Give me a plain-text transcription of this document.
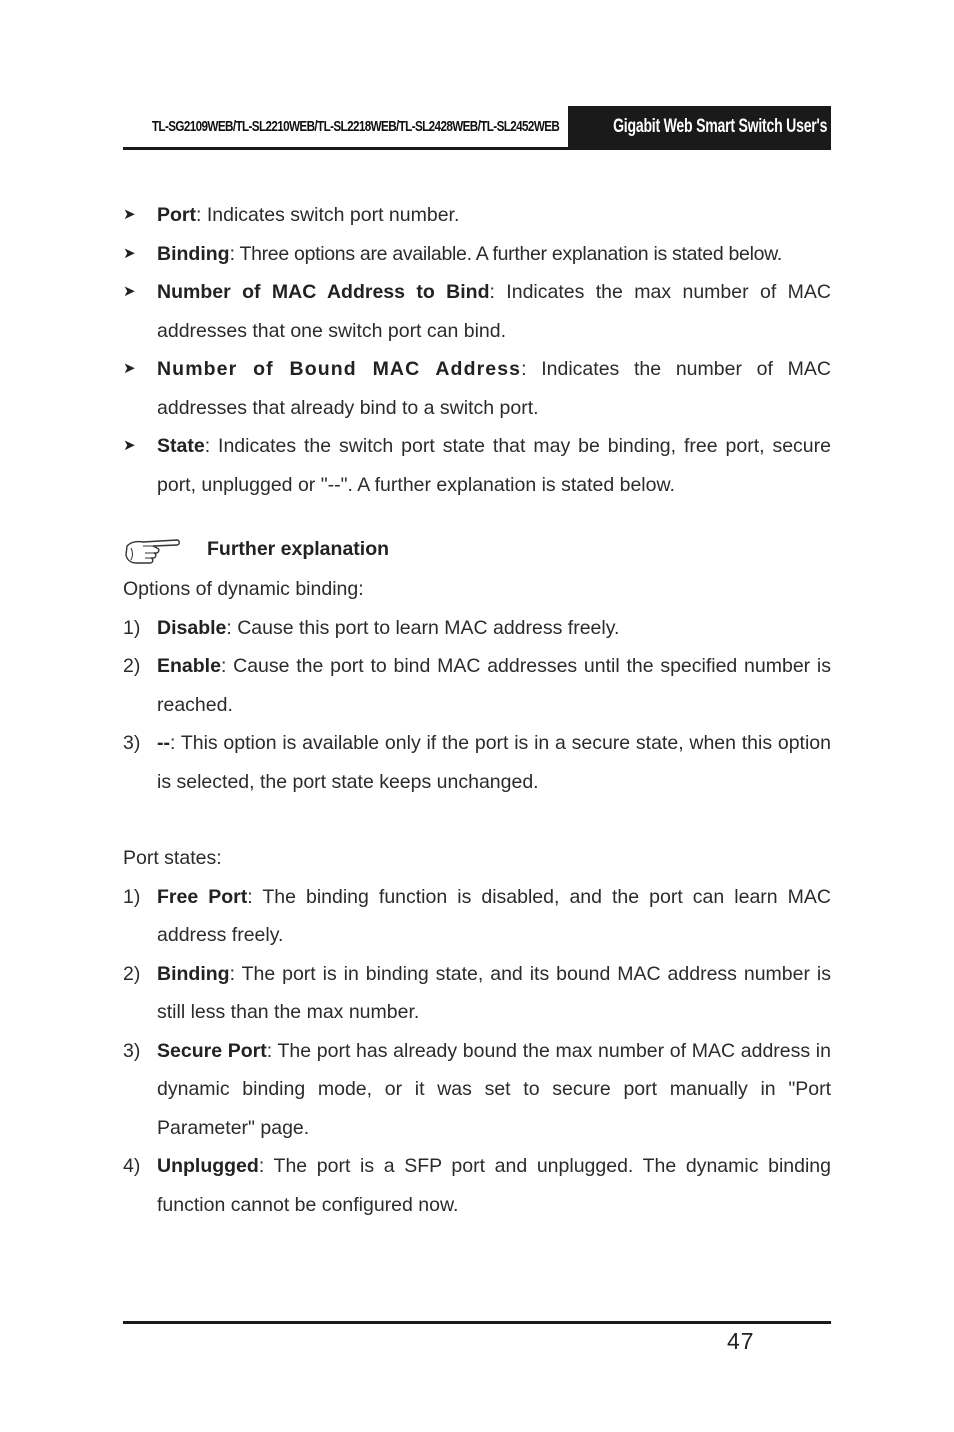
TL-SG2109WEB/TL-SL2210WEB/TL-SL2218WEB/TL-SL2428WEB/TL-SL2452WEB	Gigabit Web Smart Switch User's Guide
➤ Port: Indicates switch port number.
➤ Binding: Three options are available. A further explanation is stated below.
➤ Number of MAC Address to Bind: Indicates the max number of MAC addresses that one switch port can bind.
➤ Number of Bound MAC Address: Indicates the number of MAC addresses that already bind to a switch port.
➤ State: Indicates the switch port state that may be binding, free port, secure port, unplugged or "--". A further explanation is stated below.
Further explanation

Options of dynamic binding:

1) Disable: Cause this port to learn MAC address freely.
2) Enable: Cause the port to bind MAC addresses until the specified number is reached.
3) --: This option is available only if the port is in a secure state, when this option is selected, the port state keeps unchanged.

Port states:

1) Free Port: The binding function is disabled, and the port can learn MAC address freely.
2) Binding: The port is in binding state, and its bound MAC address number is still less than the max number.
3) Secure Port: The port has already bound the max number of MAC address in dynamic binding mode, or it was set to secure port manually in "Port Parameter" page.
4) Unplugged: The port is a SFP port and unplugged. The dynamic binding function cannot be configured now.
47
